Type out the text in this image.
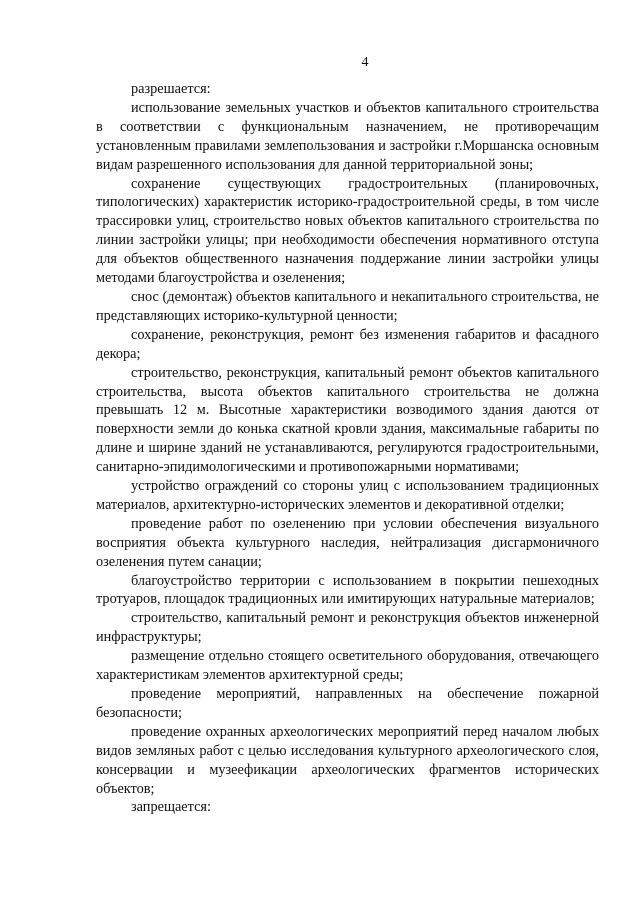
4

разрешается:

использование земельных участков и объектов капитального строительства в соответствии с функциональным назначением, не противоречащим установленным правилами землепользования и застройки г.Моршанска основным видам разрешенного использования для данной территориальной зоны;

сохранение существующих градостроительных (планировочных, типологических) характеристик историко-градостроительной среды, в том числе трассировки улиц, строительство новых объектов капитального строительства по линии застройки улицы; при необходимости обеспечения нормативного отступа для объектов общественного назначения поддержание линии застройки улицы методами благоустройства и озеленения;

снос (демонтаж) объектов капитального и некапитального строительства, не представляющих историко-культурной ценности;

сохранение, реконструкция, ремонт без изменения габаритов и фасадного декора;

строительство, реконструкция, капитальный ремонт объектов капитального строительства, высота объектов капитального строительства не должна превышать 12 м. Высотные характеристики возводимого здания даются от поверхности земли до конька скатной кровли здания, максимальные габариты по длине и ширине зданий не устанавливаются, регулируются градостроительными, санитарно-эпидимологическими и противопожарными нормативами;

устройство ограждений со стороны улиц с использованием традиционных материалов, архитектурно-исторических элементов и декоративной отделки;

проведение работ по озеленению при условии обеспечения визуального восприятия объекта культурного наследия, нейтрализация дисгармоничного озеленения путем санации;

благоустройство территории с использованием в покрытии пешеходных тротуаров, площадок традиционных или имитирующих натуральные материалов;

строительство, капитальный ремонт и реконструкция объектов инженерной инфраструктуры;

размещение отдельно стоящего осветительного оборудования, отвечающего характеристикам элементов архитектурной среды;

проведение мероприятий, направленных на обеспечение пожарной безопасности;

проведение охранных археологических мероприятий перед началом любых видов земляных работ с целью исследования культурного археологического слоя, консервации и музеефикации археологических фрагментов исторических объектов;

запрещается:
